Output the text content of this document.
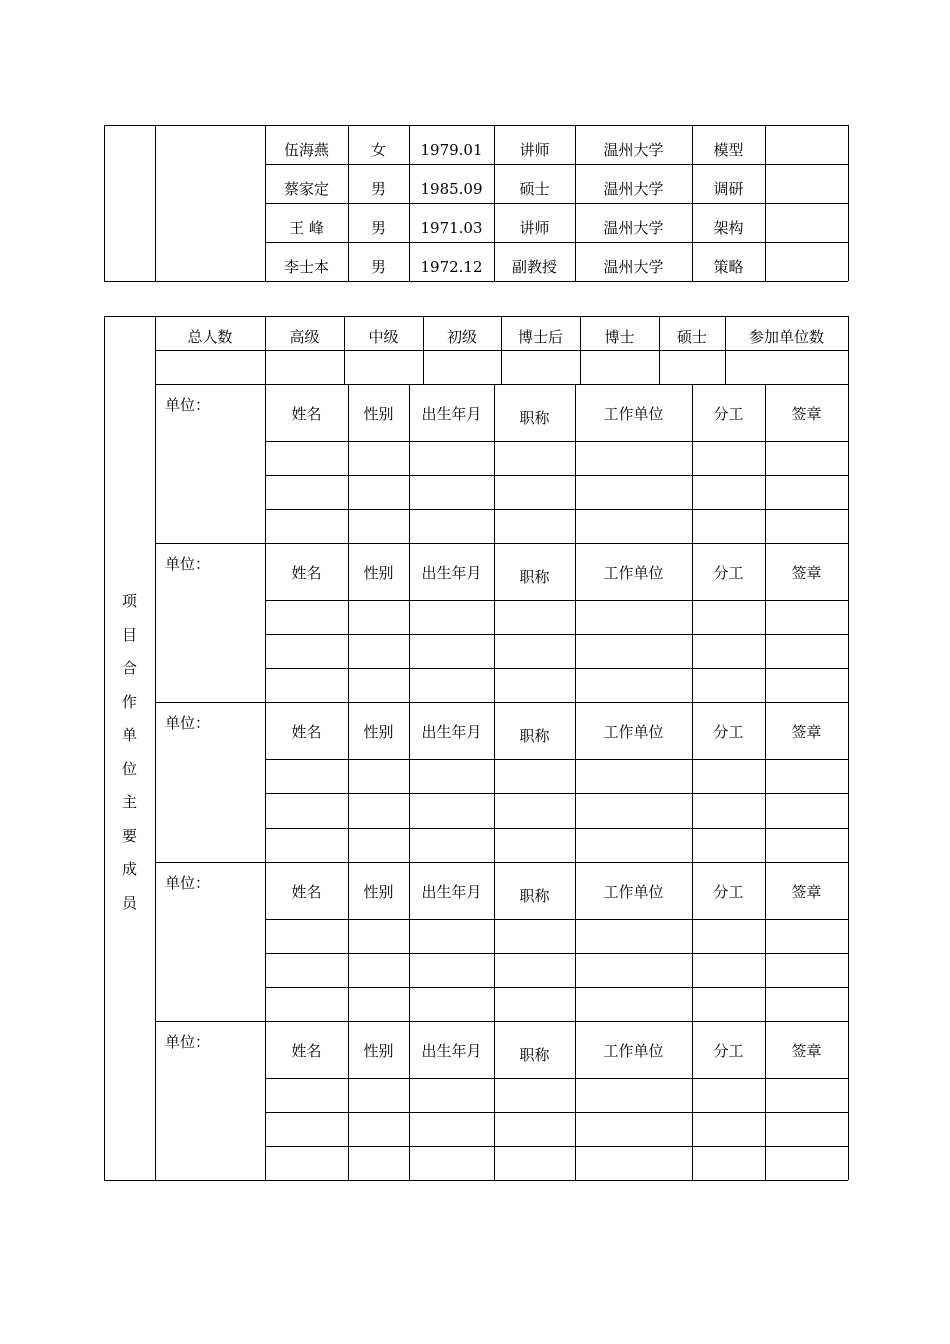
伍海燕	女	1979.01	讲师	温州大学	模型
蔡家定	男	1985.09	硕士	温州大学	调研
王 峰	男	1971.03	讲师	温州大学	架构
李士本	男	1972.12	副教授	温州大学	策略
总人数	高级	中级	初级	博士后	博士	硕士	参加单位数
单位：	姓名	性别	出生年月	职称	工作单位	分工	签章
单位：	姓名	性别	出生年月	职称	工作单位	分工	签章
单位：	姓名	性别	出生年月	职称	工作单位	分工	签章
单位：	姓名	性别	出生年月	职称	工作单位	分工	签章
单位：	姓名	性别	出生年月	职称	工作单位	分工	签章
项
目
合
作
单
位
主
要
成
员
